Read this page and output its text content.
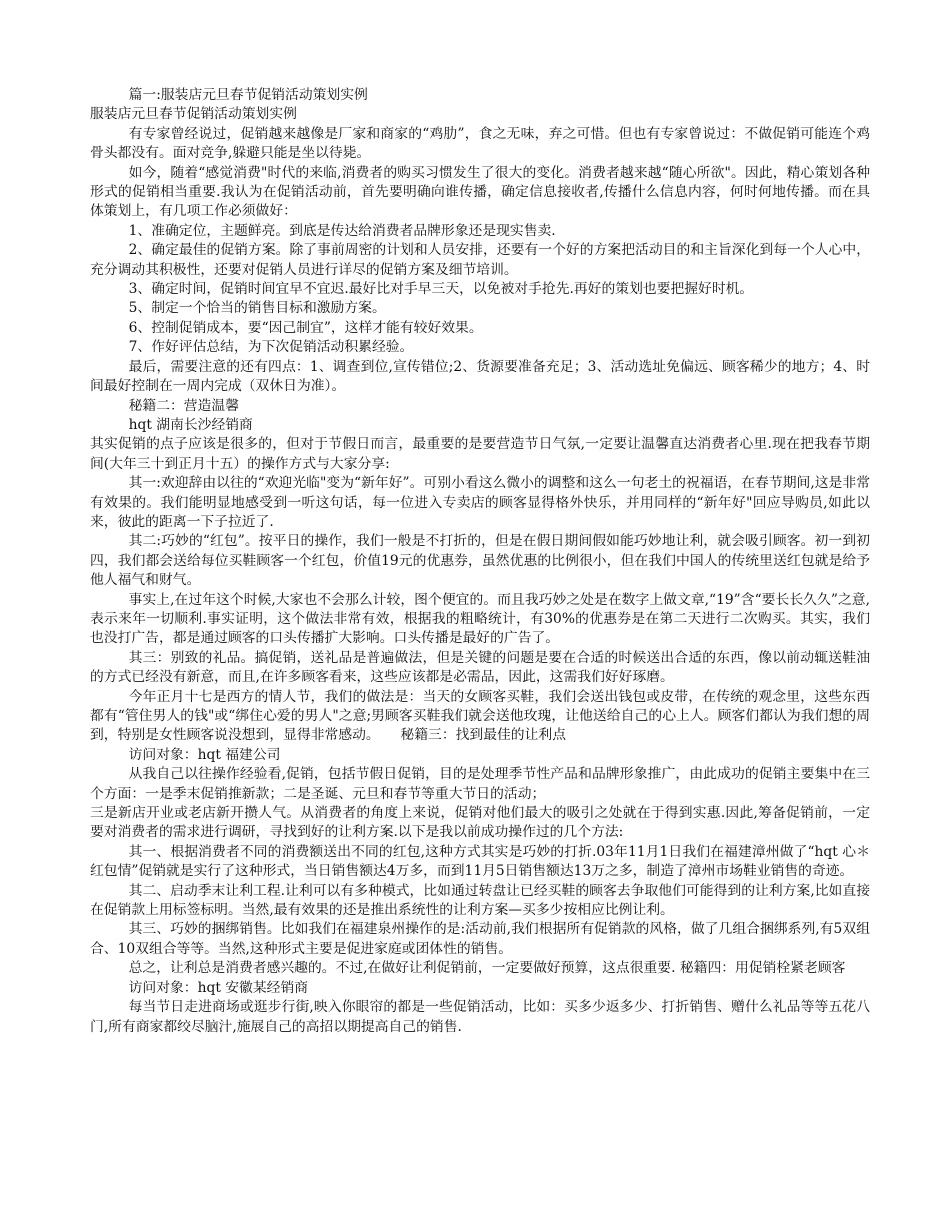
篇一:服装店元旦春节促销活动策划实例

服装店元旦春节促销活动策划实例

有专家曾经说过，促销越来越像是厂家和商家的“鸡肋”，食之无味，弃之可惜。但也有专家曾说过：不做促销可能连个鸡骨头都没有。面对竞争,躲避只能是坐以待毙。

如今，随着“感觉消费"时代的来临,消费者的购买习惯发生了很大的变化。消费者越来越“随心所欲"。因此，精心策划各种形式的促销相当重要.我认为在促销活动前，首先要明确向谁传播，确定信息接收者,传播什么信息内容，何时何地传播。而在具体策划上，有几项工作必须做好：

1、准确定位，主题鲜亮。到底是传达给消费者品牌形象还是现实售卖.

2、确定最佳的促销方案。除了事前周密的计划和人员安排，还要有一个好的方案把活动目的和主旨深化到每一个人心中，充分调动其积极性，还要对促销人员进行详尽的促销方案及细节培训。

3、确定时间，促销时间宜早不宜迟.最好比对手早三天，以免被对手抢先.再好的策划也要把握好时机。

5、制定一个恰当的销售目标和激励方案。

6、控制促销成本，要“因己制宜”，这样才能有较好效果。

7、作好评估总结，为下次促销活动积累经验。

最后，需要注意的还有四点：1、调查到位,宣传错位;2、货源要准备充足；3、活动选址免偏远、顾客稀少的地方；4、时间最好控制在一周内完成（双休日为准）。

秘籍二：营造温馨

hqt 湖南长沙经销商

其实促销的点子应该是很多的，但对于节假日而言，最重要的是要营造节日气氛,一定要让温馨直达消费者心里.现在把我春节期间(大年三十到正月十五）的操作方式与大家分享:

其一:欢迎辞由以往的“欢迎光临"变为“新年好”。可别小看这么微小的调整和这么一句老土的祝福语，在春节期间,这是非常有效果的。我们能明显地感受到一听这句话，每一位进入专卖店的顾客显得格外快乐，并用同样的“新年好"回应导购员,如此以来，彼此的距离一下子拉近了.

其二:巧妙的“红包”。按平日的操作，我们一般是不打折的，但是在假日期间假如能巧妙地让利，就会吸引顾客。初一到初四，我们都会送给每位买鞋顾客一个红包，价值19元的优惠券，虽然优惠的比例很小，但在我们中国人的传统里送红包就是给予他人福气和财气。

事实上,在过年这个时候,大家也不会那么计较，图个便宜的。而且我巧妙之处是在数字上做文章,“19”含“要长长久久”之意,表示来年一切顺利.事实证明，这个做法非常有效，根据我的粗略统计，有30%的优惠券是在第二天进行二次购买。其实，我们也没打广告，都是通过顾客的口头传播扩大影响。口头传播是最好的广告了。

其三：别致的礼品。搞促销，送礼品是普遍做法，但是关键的问题是要在合适的时候送出合适的东西，像以前动辄送鞋油的方式已经没有新意，而且,在许多顾客看来，这些应该都是必需品，因此，这需我们好好琢磨。

今年正月十七是西方的情人节，我们的做法是：当天的女顾客买鞋，我们会送出钱包或皮带，在传统的观念里，这些东西都有“管住男人的钱"或“绑住心爱的男人"之意;男顾客买鞋我们就会送他玫瑰，让他送给自己的心上人。顾客们都认为我们想的周到，特别是女性顾客说没想到，显得非常感动。　　秘籍三：找到最佳的让利点

访问对象：hqt 福建公司

从我自己以往操作经验看,促销，包括节假日促销，目的是处理季节性产品和品牌形象推广，由此成功的促销主要集中在三个方面：一是季末促销推新款；二是圣诞、元旦和春节等重大节日的活动；

三是新店开业或老店新开攒人气。从消费者的角度上来说，促销对他们最大的吸引之处就在于得到实惠.因此,筹备促销前，一定要对消费者的需求进行调研，寻找到好的让利方案.以下是我以前成功操作过的几个方法:

其一、根据消费者不同的消费额送出不同的红包,这种方式其实是巧妙的打折.03年11月1日我们在福建漳州做了“hqt 心＊红包情”促销就是实行了这种形式，当日销售额达4万多，而到11月5日销售额达13万之多，制造了漳州市场鞋业销售的奇迹。

其二、启动季末让利工程.让利可以有多种模式，比如通过转盘让已经买鞋的顾客去争取他们可能得到的让利方案,比如直接在促销款上用标签标明。当然,最有效果的还是推出系统性的让利方案—买多少按相应比例让利。

其三、巧妙的捆绑销售。比如我们在福建泉州操作的是:活动前,我们根据所有促销款的风格，做了几组合捆绑系列,有5双组合、10双组合等等。当然,这种形式主要是促进家庭或团体性的销售。

总之，让利总是消费者感兴趣的。不过,在做好让利促销前，一定要做好预算，这点很重要. 秘籍四：用促销栓紧老顾客

访问对象：hqt 安徽某经销商

每当节日走进商场或逛步行街,映入你眼帘的都是一些促销活动，比如：买多少返多少、打折销售、赠什么礼品等等五花八门,所有商家都绞尽脑汁,施展自己的高招以期提高自己的销售.
